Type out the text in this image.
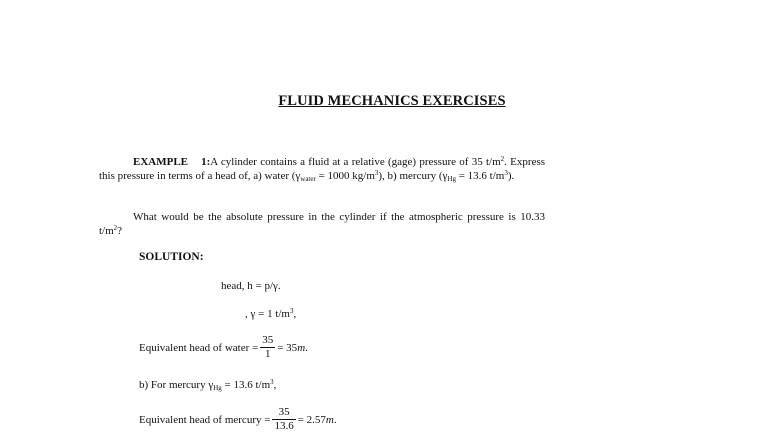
FLUID MECHANICS EXERCISES
EXAMPLE 1:A cylinder contains a fluid at a relative (gage) pressure of 35 $t/m^2$. Express this pressure in terms of a head of, a) water ($\gamma_{water} = 1000$ $kg/m^3$), b) mercury ($\gamma_{Hg} = 13.6$ $t/m^3$).
What would be the absolute pressure in the cylinder if the atmospheric pressure is 10.33 $t/m^2$?
SOLUTION:
head, h = p/γ.
, γ = 1 $t/m^3$,
Equivalent head of water = $\frac{35}{1} = 35m$.
b) For mercury $\gamma_{Hg} = 13.6$ $t/m^3$,
Equivalent head of mercury = $\frac{35}{13.6} = 2.57m$.
